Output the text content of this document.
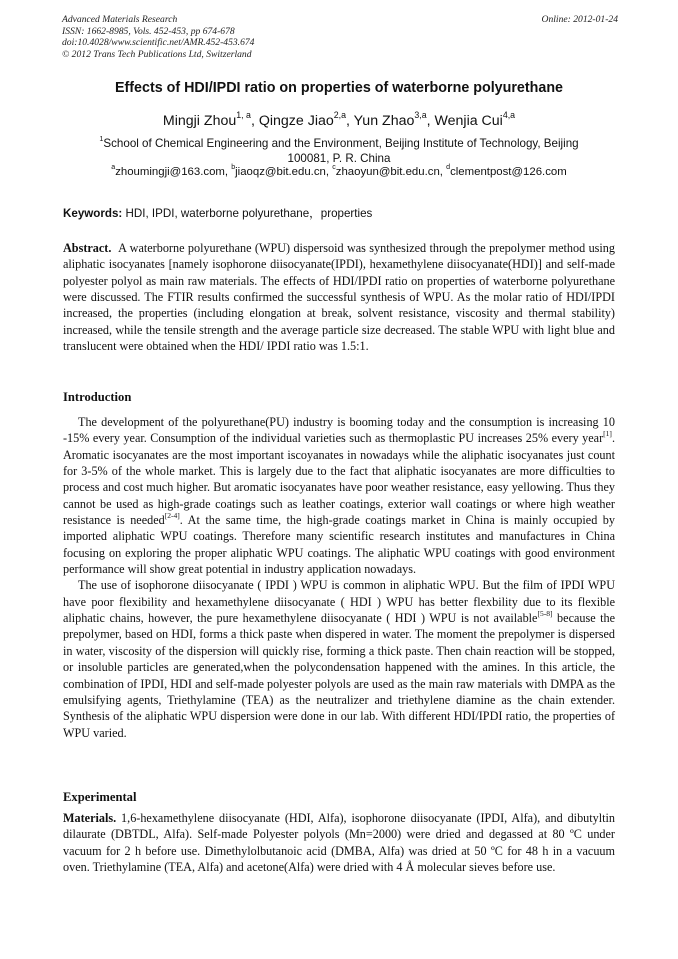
Advanced Materials Research
ISSN: 1662-8985, Vols. 452-453, pp 674-678
doi:10.4028/www.scientific.net/AMR.452-453.674
© 2012 Trans Tech Publications Ltd, Switzerland
Online: 2012-01-24
Effects of HDI/IPDI ratio on properties of waterborne polyurethane
Mingji Zhou$^{1, a}$, Qingze Jiao$^{2,a}$, Yun Zhao$^{3,a}$, Wenjia Cui$^{4,a}$
$^1$School of Chemical Engineering and the Environment, Beijing Institute of Technology, Beijing
100081, P. R. China
$^a$zhoumingji@163.com, $^b$jiaoqz@bit.edu.cn, $^c$zhaoyun@bit.edu.cn, $^d$clementpost@126.com
Keywords: HDI, IPDI, waterborne polyurethane，properties

Abstract. A waterborne polyurethane (WPU) dispersoid was synthesized through the prepolymer method using aliphatic isocyanates [namely isophorone diisocyanate(IPDI), hexamethylene diisocyanate(HDI)] and self-made polyester polyol as main raw materials. The effects of HDI/IPDI ratio on properties of waterborne polyurethane were discussed. The FTIR results confirmed the successful synthesis of WPU. As the molar ratio of HDI/IPDI increased, the properties (including elongation at break, solvent resistance, viscosity and thermal stability) increased, while the tensile strength and the average particle size decreased. The stable WPU with light blue and translucent were obtained when the HDI/ IPDI ratio was 1.5:1.

Introduction

The development of the polyurethane(PU) industry is booming today and the consumption is increasing 10 -15% every year. Consumption of the individual varieties such as thermoplastic PU increases 25% every year[1]. Aromatic isocyanates are the most important iscoyanates in nowadays while the aliphatic isocyanates just count for 3-5% of the whole market. This is largely due to the fact that aliphatic isocyanates are more difficulties to process and cost much higher. But aromatic isocyanates have poor weather resistance, easy yellowing. Thus they cannot be used as high-grade coatings such as leather coatings, exterior wall coatings or where high weather resistance is needed[2-4]. At the same time, the high-grade coatings market in China is mainly occupied by imported aliphatic WPU coatings. Therefore many scientific research institutes and manufactures in China focusing on exploring the proper aliphatic WPU coatings. The aliphatic WPU coatings with good environment performance will show great potential in industry application nowadays.

The use of isophorone diisocyanate ( IPDI ) WPU is common in aliphatic WPU. But the film of IPDI WPU have poor flexibility and hexamethylene diisocyanate ( HDI ) WPU has better flexbility due to its flexible aliphatic chains, however, the pure hexamethylene diisocyanate ( HDI ) WPU is not available[5-8] because the prepolymer, based on HDI, forms a thick paste when dispered in water. The moment the prepolymer is dispersed in water, viscosity of the dispersion will quickly rise, forming a thick paste. Then chain reaction will be stopped, or insoluble particles are generated,when the polycondensation happened with the amines. In this article, the combination of IPDI, HDI and self-made polyester polyols are used as the main raw materials with DMPA as the emulsifying agents, Triethylamine (TEA) as the neutralizer and triethylene diamine as the chain extender. Synthesis of the aliphatic WPU dispersion were done in our lab. With different HDI/IPDI ratio, the properties of WPU varied.

Experimental

Materials. 1,6-hexamethylene diisocyanate (HDI, Alfa), isophorone diisocyanate (IPDI, Alfa), and dibutyltin dilaurate (DBTDL, Alfa). Self-made Polyester polyols (Mn=2000) were dried and degassed at 80 ºC under vacuum for 2 h before use. Dimethylolbutanoic acid (DMBA, Alfa) was dried at 50 ºC for 48 h in a vacuum oven. Triethylamine (TEA, Alfa) and acetone(Alfa) were dried with 4 Å molecular sieves before use.
